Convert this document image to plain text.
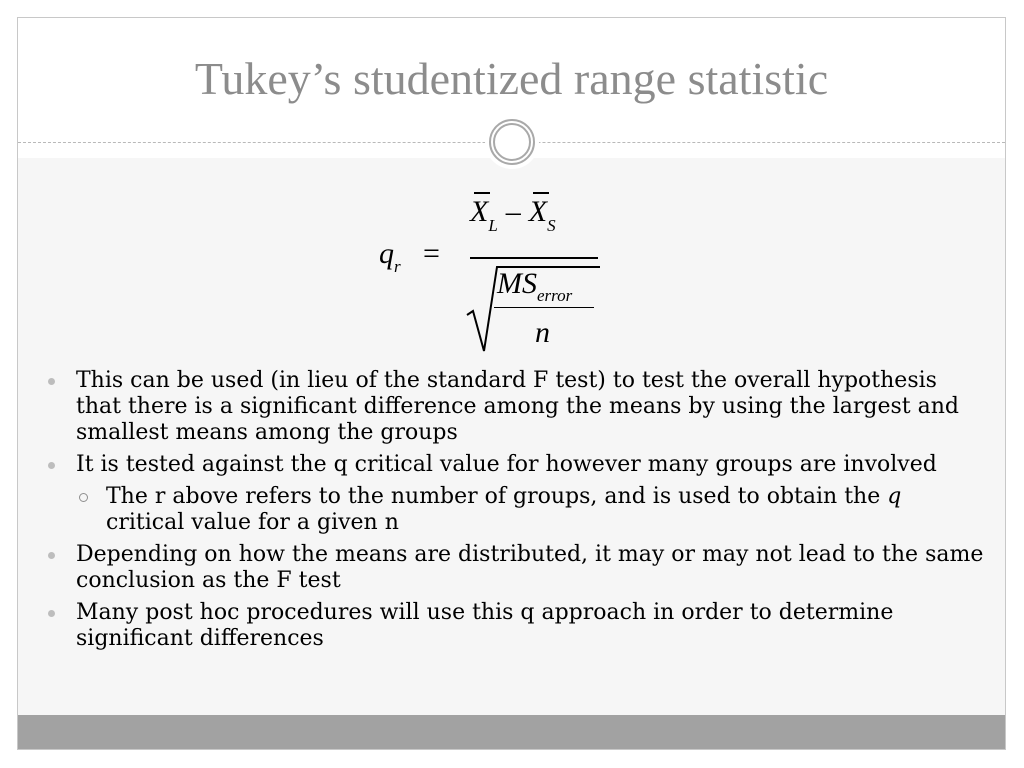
Tukey’s studentized range statistic
$q_r$ =
$X_L - X_S$
$MS_{error}$
n
This can be used (in lieu of the standard F test) to test the overall hypothesis that there is a significant difference among the means by using the largest and smallest means among the groups
It is tested against the q critical value for however many groups are involved
The r above refers to the number of groups, and is used to obtain the q critical value for a given n
Depending on how the means are distributed, it may or may not lead to the same conclusion as the F test
Many post hoc procedures will use this q approach in order to determine significant differences
